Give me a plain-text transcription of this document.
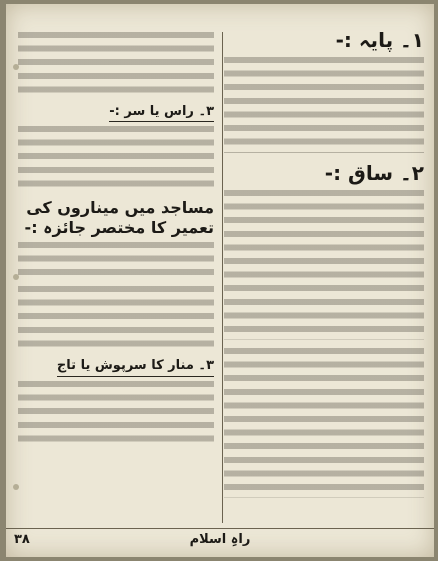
۱۔ پایہ :-
۲۔ ساق :-
۳۔ راس یا سر :-
مساجد میں میناروں کی تعمیر کا مختصر جائزہ :-
۳۔ منار کا سرپوش یا تاج
۳۸	راہِ اسلام
